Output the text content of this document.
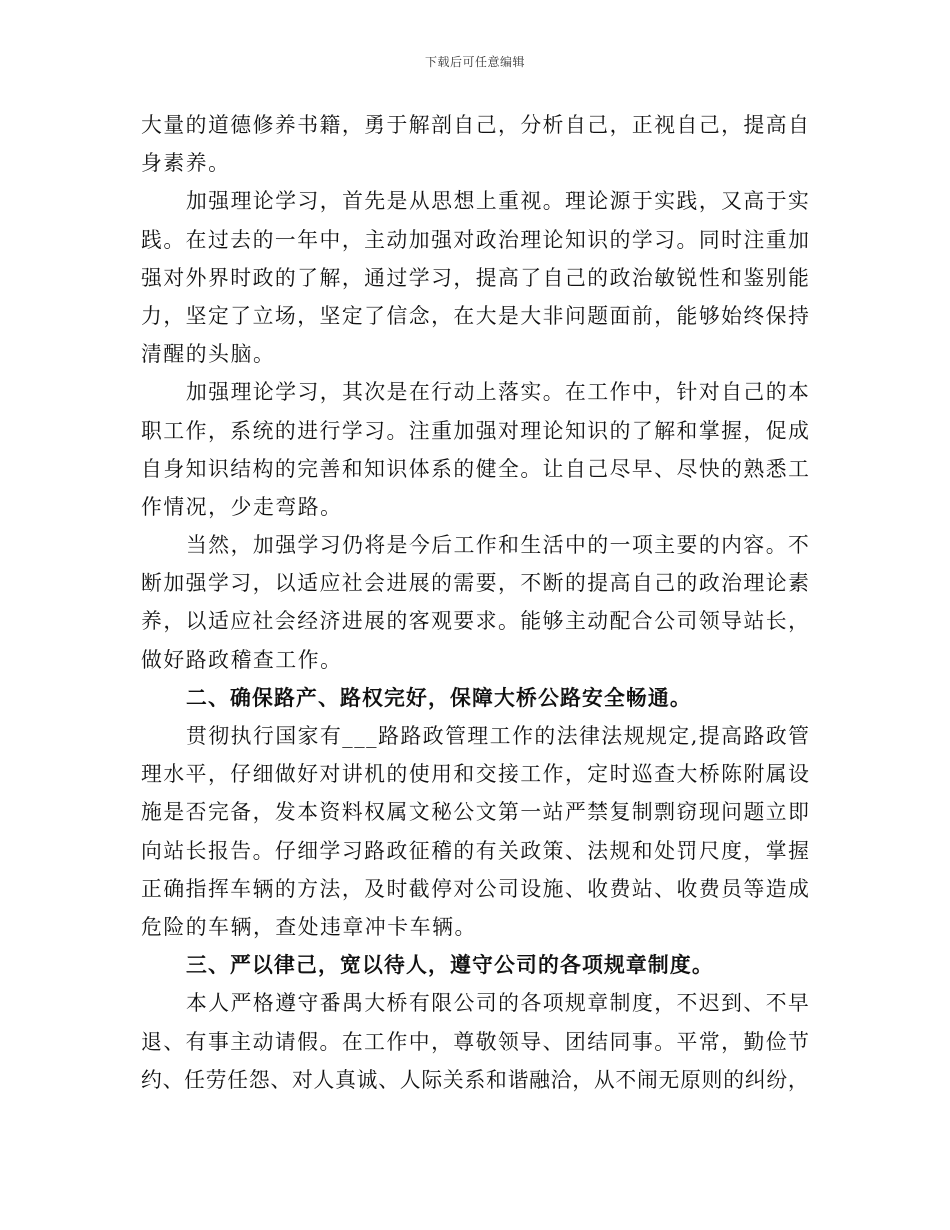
下载后可任意编辑
大 量 的 道 德 修 养 书 籍 ， 勇 于 解 剖 自 己 ， 分 析 自 己 ， 正 视 自 己 ， 提 高 自
身 素 养 。
加 强 理 论 学 习 ， 首 先 是 从 思 想 上 重 视 。 理 论 源 于 实 践 ， 又 高 于 实
践 。 在 过 去 的 一 年 中 ， 主 动 加 强 对 政 治 理 论 知 识 的 学 习 。 同 时 注 重 加
强 对 外 界 时 政 的 了 解 ， 通 过 学 习 ， 提 高 了 自 己 的 政 治 敏 锐 性 和 鉴 别 能
力 ， 坚 定 了 立 场 ， 坚 定 了 信 念 ， 在 大 是 大 非 问 题 面 前 ， 能 够 始 终 保 持
清 醒 的 头 脑 。
加 强 理 论 学 习 ， 其 次 是 在 行 动 上 落 实 。 在 工 作 中 ， 针 对 自 己 的 本
职 工 作 ， 系 统 的 进 行 学 习 。 注 重 加 强 对 理 论 知 识 的 了 解 和 掌 握 ， 促 成
自 身 知 识 结 构 的 完 善 和 知 识 体 系 的 健 全 。 让 自 己 尽 早 、 尽 快 的 熟 悉 工
作 情 况 ， 少 走 弯 路 。
当 然 ， 加 强 学 习 仍 将 是 今 后 工 作 和 生 活 中 的 一 项 主 要 的 内 容 。 不
断 加 强 学 习 ， 以 适 应 社 会 进 展 的 需 要 ， 不 断 的 提 高 自 己 的 政 治 理 论 素
养 ， 以 适 应 社 会 经 济 进 展 的 客 观 要 求 。 能 够 主 动 配 合 公 司 领 导 站 长 ，
做 好 路 政 稽 查 工 作 。
二、确保路产、路权完好，保障大桥公路安全畅通。
贯 彻 执 行 国 家 有 _ _ _ 路 路 政 管 理 工 作 的 法 律 法 规 规 定 , 提 高 路 政 管
理 水 平 ， 仔 细 做 好 对 讲 机 的 使 用 和 交 接 工 作 ， 定 时 巡 查 大 桥 陈 附 属 设
施 是 否 完 备 ， 发 本 资 料 权 属 文 秘 公 文 第 一 站 严 禁 复 制 剽 窃 现 问 题 立 即
向 站 长 报 告 。 仔 细 学 习 路 政 征 稽 的 有 关 政 策 、 法 规 和 处 罚 尺 度 ， 掌 握
正 确 指 挥 车 辆 的 方 法 ， 及 时 截 停 对 公 司 设 施 、 收 费 站 、 收 费 员 等 造 成
危 险 的 车 辆 ， 查 处 违 章 冲 卡 车 辆 。
三、严以律己，宽以待人，遵守公司的各项规章制度。
本 人 严 格 遵 守 番 禺 大 桥 有 限 公 司 的 各 项 规 章 制 度 ， 不 迟 到 、 不 早
退 、 有 事 主 动 请 假 。 在 工 作 中 ， 尊 敬 领 导 、 团 结 同 事 。 平 常 ， 勤 俭 节
约 、 任 劳 任 怨 、 对 人 真 诚 、 人 际 关 系 和 谐 融 洽 ， 从 不 闹 无 原 则 的 纠 纷 ，
